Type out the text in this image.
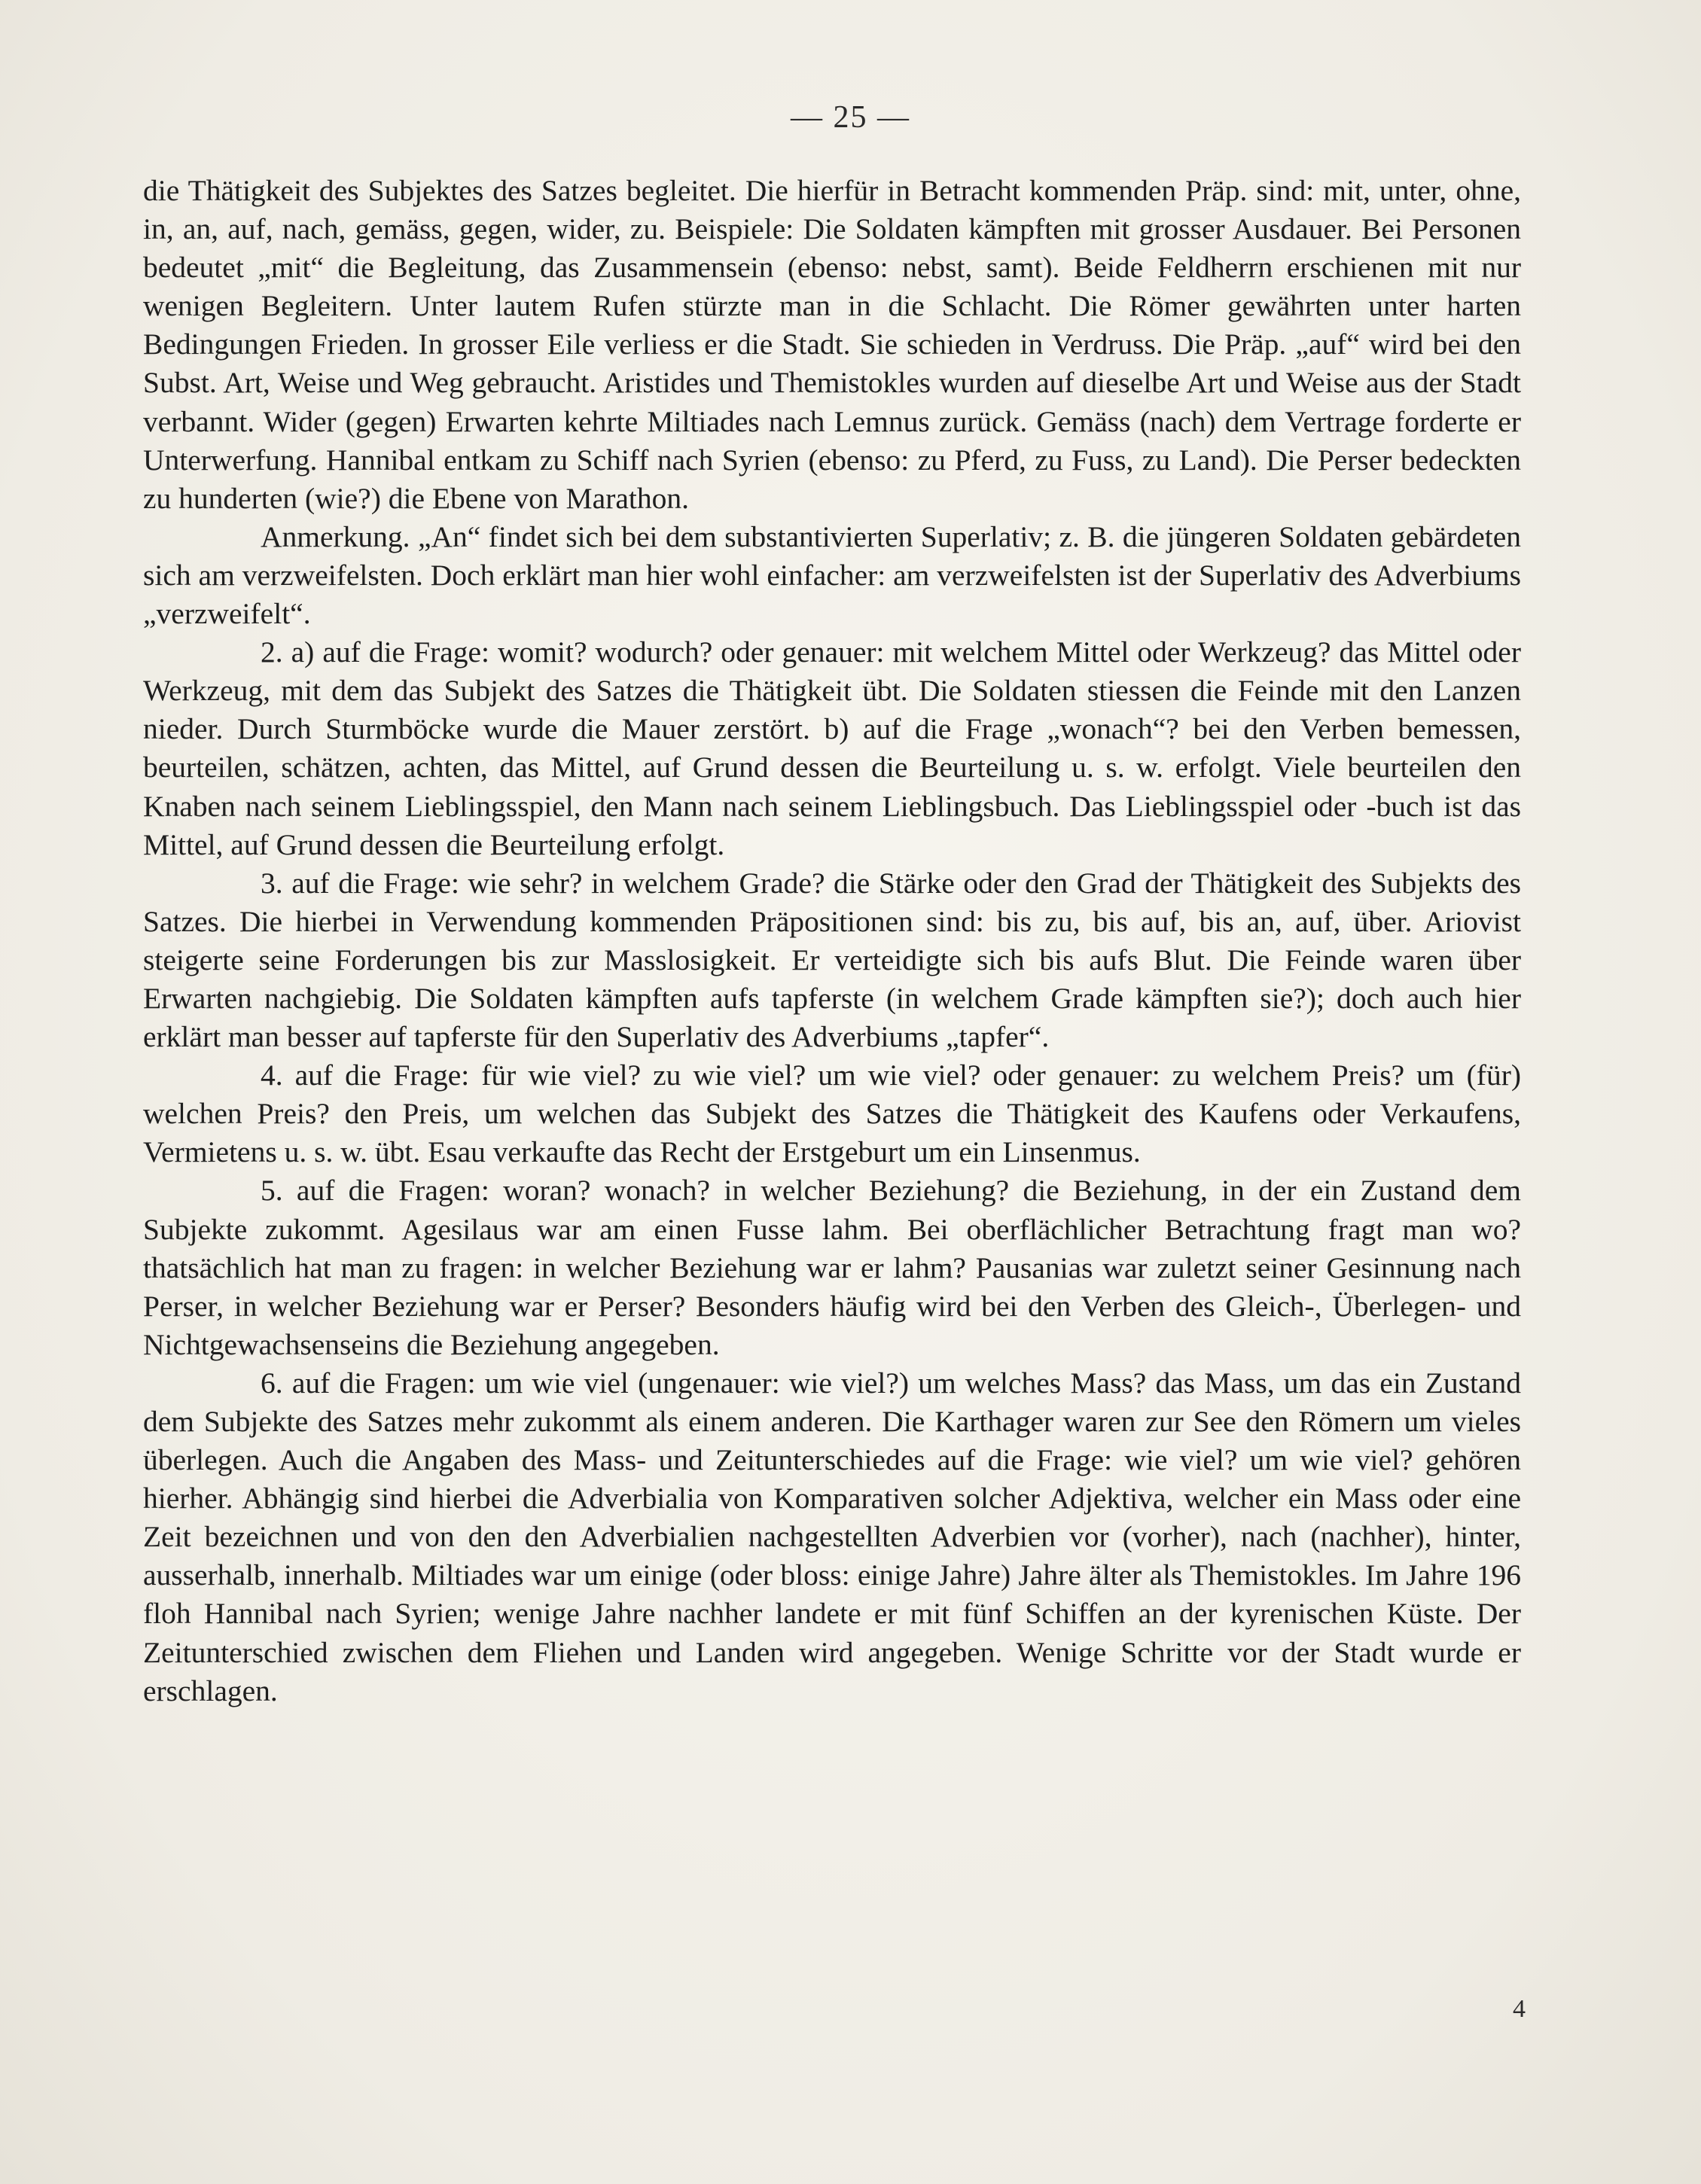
— 25 —

die Thätigkeit des Subjektes des Satzes begleitet. Die hierfür in Betracht kommenden Präp. sind: mit, unter, ohne, in, an, auf, nach, gemäss, gegen, wider, zu. Beispiele: Die Soldaten kämpften mit grosser Ausdauer. Bei Personen bedeutet „mit“ die Begleitung, das Zusammensein (ebenso: nebst, samt). Beide Feldherrn erschienen mit nur wenigen Begleitern. Unter lautem Rufen stürzte man in die Schlacht. Die Römer gewährten unter harten Bedingungen Frieden. In grosser Eile verliess er die Stadt. Sie schieden in Verdruss. Die Präp. „auf“ wird bei den Subst. Art, Weise und Weg gebraucht. Aristides und Themistokles wurden auf dieselbe Art und Weise aus der Stadt verbannt. Wider (gegen) Erwarten kehrte Miltiades nach Lemnus zurück. Gemäss (nach) dem Vertrage forderte er Unterwerfung. Hannibal entkam zu Schiff nach Syrien (ebenso: zu Pferd, zu Fuss, zu Land). Die Perser bedeckten zu hunderten (wie?) die Ebene von Marathon.

Anmerkung. „An“ findet sich bei dem substantivierten Superlativ; z. B. die jüngeren Soldaten gebärdeten sich am verzweifelsten. Doch erklärt man hier wohl einfacher: am verzweifelsten ist der Superlativ des Adverbiums „verzweifelt“.

2. a) auf die Frage: womit? wodurch? oder genauer: mit welchem Mittel oder Werkzeug? das Mittel oder Werkzeug, mit dem das Subjekt des Satzes die Thätigkeit übt. Die Soldaten stiessen die Feinde mit den Lanzen nieder. Durch Sturmböcke wurde die Mauer zerstört. b) auf die Frage „wonach“? bei den Verben bemessen, beurteilen, schätzen, achten, das Mittel, auf Grund dessen die Beurteilung u. s. w. erfolgt. Viele beurteilen den Knaben nach seinem Lieblingsspiel, den Mann nach seinem Lieblingsbuch. Das Lieblingsspiel oder -buch ist das Mittel, auf Grund dessen die Beurteilung erfolgt.

3. auf die Frage: wie sehr? in welchem Grade? die Stärke oder den Grad der Thätigkeit des Subjekts des Satzes. Die hierbei in Verwendung kommenden Präpositionen sind: bis zu, bis auf, bis an, auf, über. Ariovist steigerte seine Forderungen bis zur Masslosigkeit. Er verteidigte sich bis aufs Blut. Die Feinde waren über Erwarten nachgiebig. Die Soldaten kämpften aufs tapferste (in welchem Grade kämpften sie?); doch auch hier erklärt man besser auf tapferste für den Superlativ des Adverbiums „tapfer“.

4. auf die Frage: für wie viel? zu wie viel? um wie viel? oder genauer: zu welchem Preis? um (für) welchen Preis? den Preis, um welchen das Subjekt des Satzes die Thätigkeit des Kaufens oder Verkaufens, Vermietens u. s. w. übt. Esau verkaufte das Recht der Erstgeburt um ein Linsenmus.

5. auf die Fragen: woran? wonach? in welcher Beziehung? die Beziehung, in der ein Zustand dem Subjekte zukommt. Agesilaus war am einen Fusse lahm. Bei oberflächlicher Betrachtung fragt man wo? thatsächlich hat man zu fragen: in welcher Beziehung war er lahm? Pausanias war zuletzt seiner Gesinnung nach Perser, in welcher Beziehung war er Perser? Besonders häufig wird bei den Verben des Gleich-, Überlegen- und Nichtgewachsenseins die Beziehung angegeben.

6. auf die Fragen: um wie viel (ungenauer: wie viel?) um welches Mass? das Mass, um das ein Zustand dem Subjekte des Satzes mehr zukommt als einem anderen. Die Karthager waren zur See den Römern um vieles überlegen. Auch die Angaben des Mass- und Zeitunterschiedes auf die Frage: wie viel? um wie viel? gehören hierher. Abhängig sind hierbei die Adverbialia von Komparativen solcher Adjektiva, welcher ein Mass oder eine Zeit bezeichnen und von den den Adverbialien nachgestellten Adverbien vor (vorher), nach (nachher), hinter, ausserhalb, innerhalb. Miltiades war um einige (oder bloss: einige Jahre) Jahre älter als Themistokles. Im Jahre 196 floh Hannibal nach Syrien; wenige Jahre nachher landete er mit fünf Schiffen an der kyrenischen Küste. Der Zeitunterschied zwischen dem Fliehen und Landen wird angegeben. Wenige Schritte vor der Stadt wurde er erschlagen.

4
